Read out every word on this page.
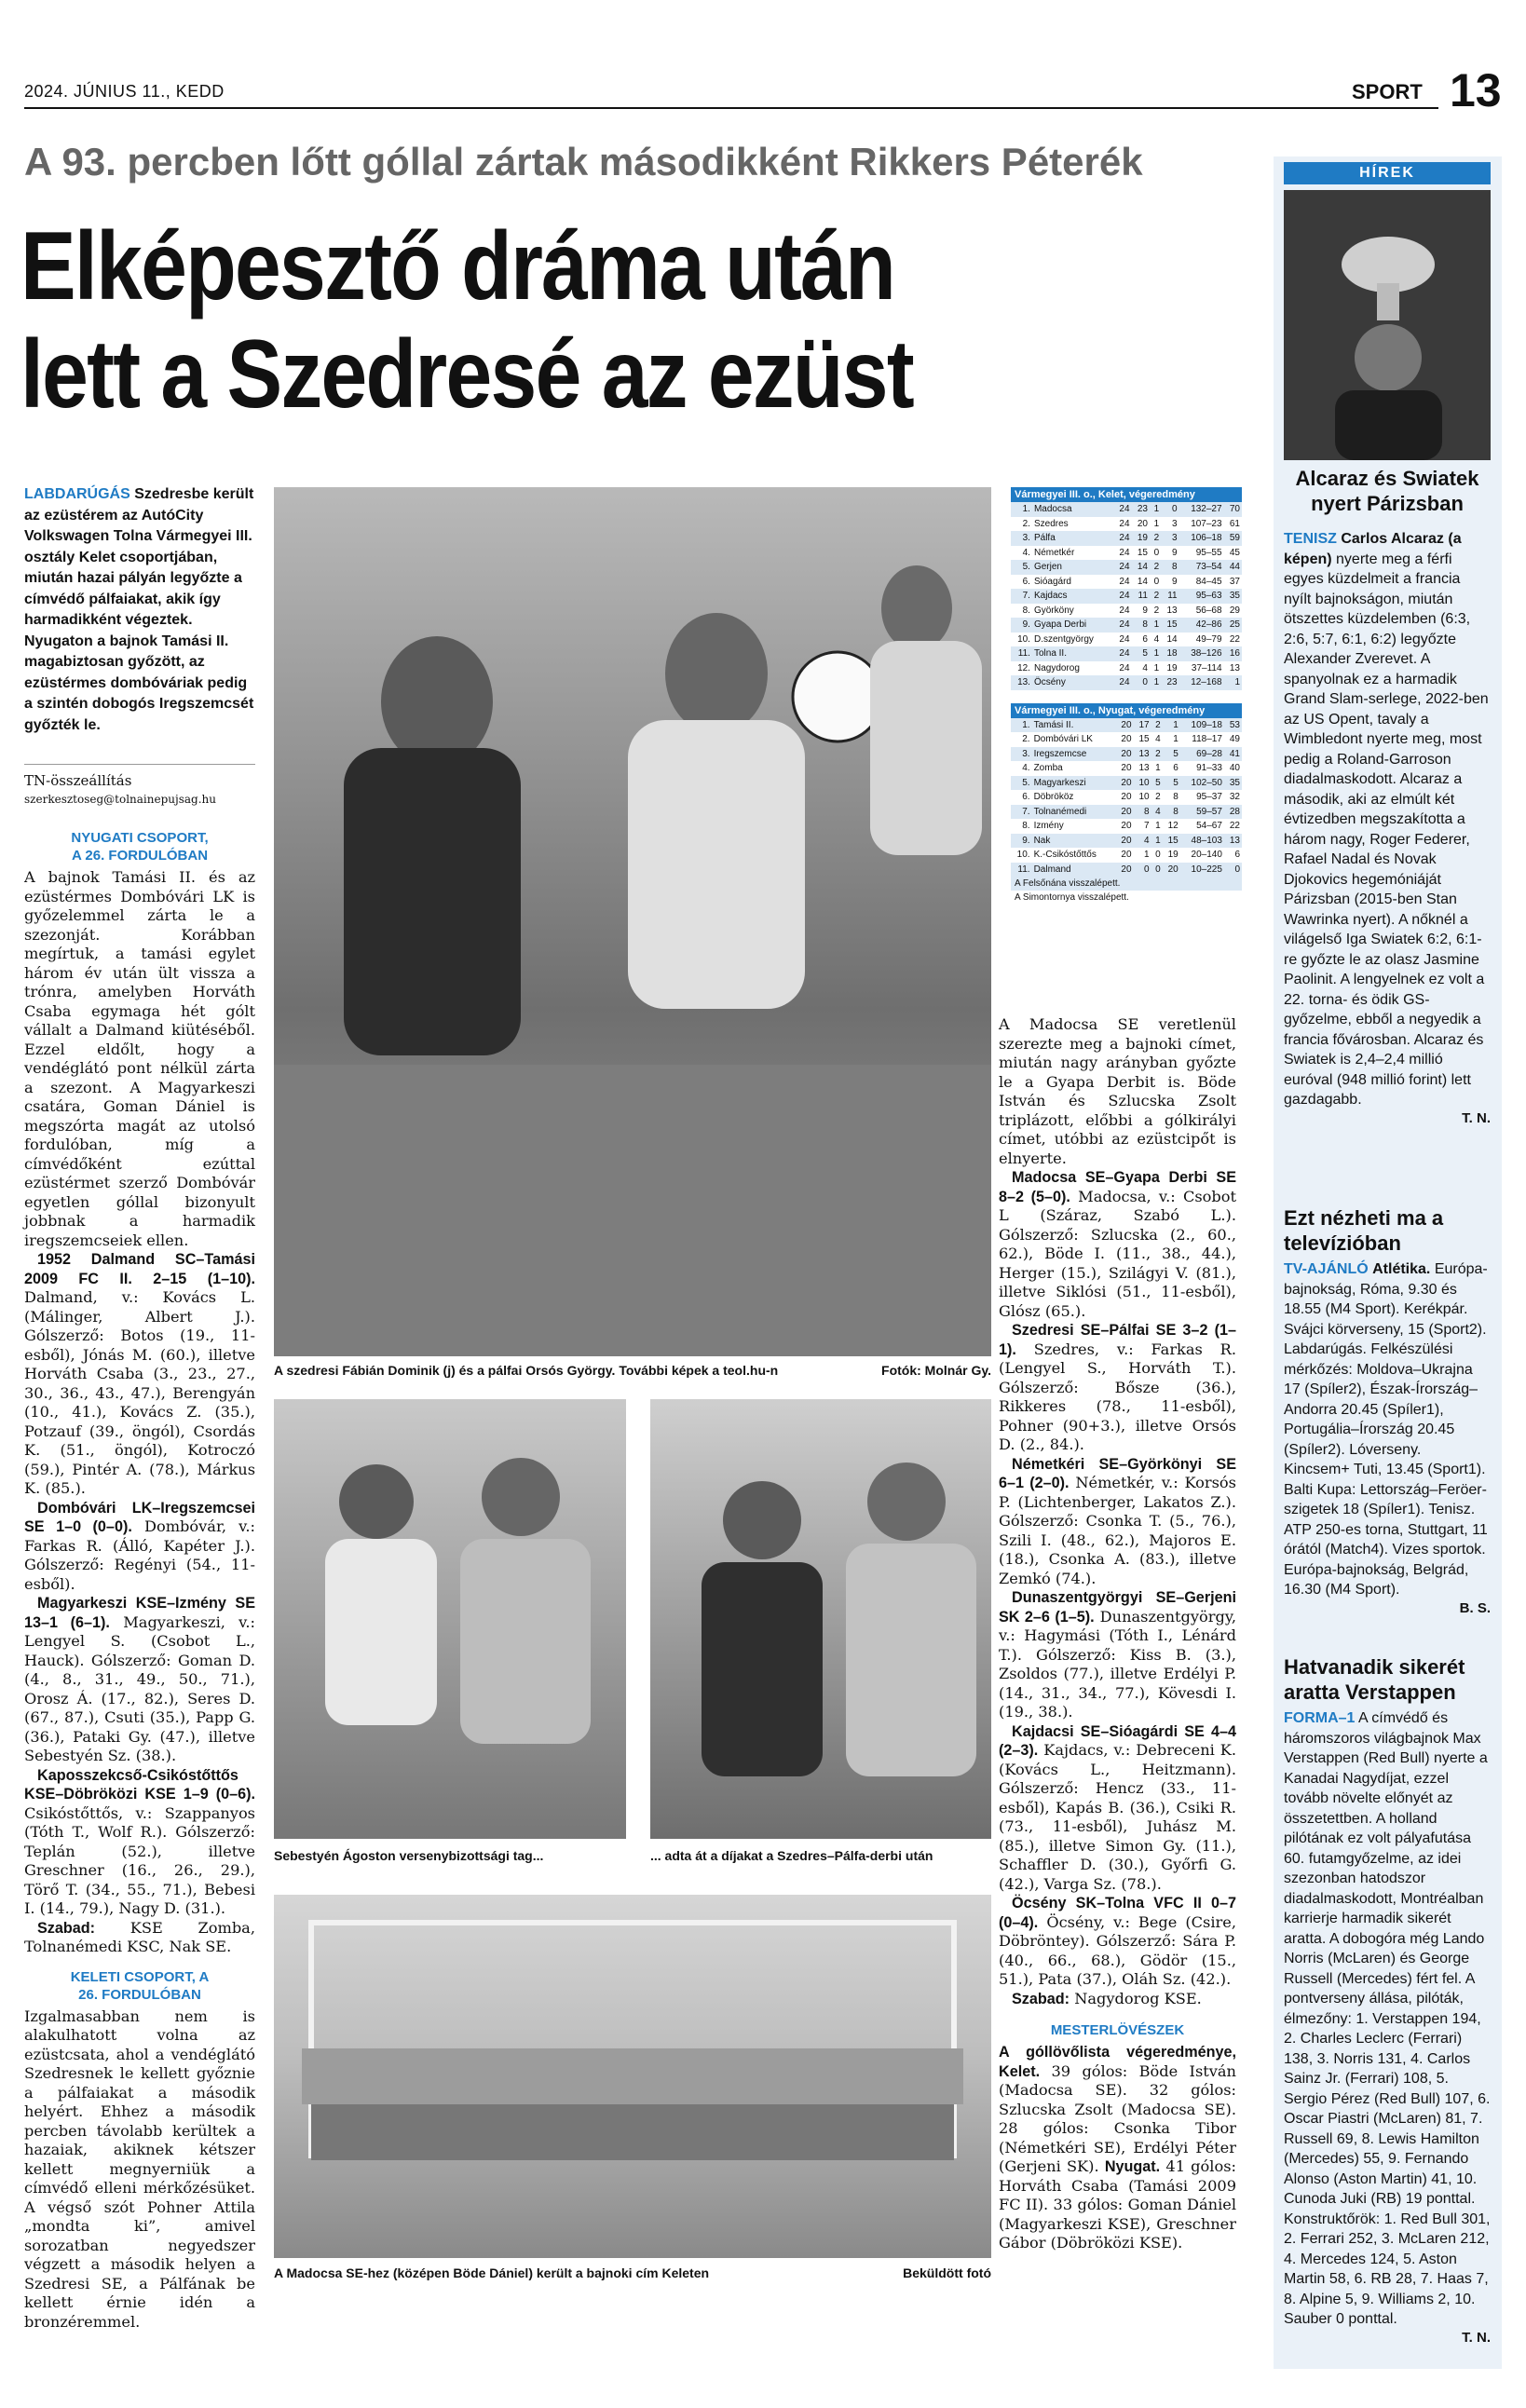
2024. JÚNIUS 11., KEDD	SPORT 13
A 93. percben lőtt góllal zártak másodikként Rikkers Péterék
Elképesztő dráma után
lett a Szedresé az ezüst
LABDARÚGÁS Szedresbe került az ezüstérem az AutóCity Volkswagen Tolna Vármegyei III. osztály Kelet csoportjában, miután hazai pályán legyőzte a címvédő pálfaiakat, akik így harmadikként végeztek. Nyugaton a bajnok Tamási II. magabiztosan győzött, az ezüstérmes dombóváriak pedig a szintén dobogós Iregszemcsét győzték le.
TN-összeállítás
szerkesztoseg@tolnainepujsag.hu
NYUGATI CSOPORT, A 26. FORDULÓBAN

A bajnok Tamási II. és az ezüstérmes Dombóvári LK is győzelemmel zárta le a szezonját. Korábban megírtuk, a tamási egylet három év után ült vissza a trónra, amelyben Horváth Csaba egymaga hét gólt vállalt a Dalmand kiütéséből. Ezzel eldőlt, hogy a vendéglátó pont nélkül zárta a szezont. A Magyarkeszi csatára, Goman Dániel is megszórta magát az utolsó fordulóban, míg a címvédőként ezúttal ezüstérmet szerző Dombóvár egyetlen góllal bizonyult jobbnak a harmadik iregszemcseiek ellen.

1952 Dalmand SC–Tamási 2009 FC II. 2–15 (1–10). Dalmand, v.: Kovács L. (Málinger, Albert J.). Gólszerző: Botos (19., 11-esből), Jónás M. (60.), illetve Horváth Csaba (3., 23., 27., 30., 36., 43., 47.), Berengyán (10., 41.), Kovács Z. (35.), Potzauf (39., öngól), Csordás K. (51., öngól), Kotroczó (59.), Pintér A. (78.), Márkus K. (85.).

Dombóvári LK–Iregszemcsei SE 1–0 (0–0). Dombóvár, v.: Farkas R. (Álló, Kapéter J.). Gólszerző: Regényi (54., 11-esből).

Magyarkeszi KSE–Izmény SE 13–1 (6–1). Magyarkeszi, v.: Lengyel S. (Csobot L., Hauck). Gólszerző: Goman D. (4., 8., 31., 49., 50., 71.), Orosz Á. (17., 82.), Seres D. (67., 87.), Csuti (35.), Papp G. (36.), Pataki Gy. (47.), illetve Sebestyén Sz. (38.).

Kaposszekcső-Csikóstőttős KSE–Döbröközi KSE 1–9 (0–6). Csikóstőttős, v.: Szappanyos (Tóth T., Wolf R.). Gólszerző: Teplán (52.), illetve Greschner (16., 26., 29.), Törő T. (34., 55., 71.), Bebesi I. (14., 79.), Nagy D. (31.).

Szabad: KSE Zomba, Tolnanémedi KSC, Nak SE.

KELETI CSOPORT, A 26. FORDULÓBAN

Izgalmasabban nem is alakulhatott volna az ezüstcsata, ahol a vendéglátó Szedresnek le kellett győznie a pálfaiakat a második helyért. Ehhez a második percben távolabb kerültek a hazaiak, akiknek kétszer kellett megnyerniük a címvédő elleni mérkőzésüket. A végső szót Pohner Attila „mondta ki”, amivel sorozatban negyedszer végzett a második helyen a Szedresi SE, a Pálfának be kellett érnie idén a bronzéremmel.

A szedresi Fábián Dominik (j) és a pálfai Orsós György. További képek a teol.hu-n	Fotók: Molnár Gy.
Sebestyén Ágoston versenybizottsági tag...	... adta át a díjakat a Szedres–Pálfa-derbi után
A Madocsa SE-hez (középen Böde Dániel) került a bajnoki cím Keleten	Beküldött fotó
Vármegyei III. o., Kelet, végeredmény
1.	Madocsa	24	23	1	0	132–27	70
2.	Szedres	24	20	1	3	107–23	61
3.	Pálfa	24	19	2	3	106–18	59
4.	Németkér	24	15	0	9	95–55	45
5.	Gerjen	24	14	2	8	73–54	44
6.	Sióagárd	24	14	0	9	84–45	37
7.	Kajdacs	24	11	2	11	95–63	35
8.	Györköny	24	9	2	13	56–68	29
9.	Gyapa Derbi	24	8	1	15	42–86	25
10.	D.szentgyörgy	24	6	4	14	49–79	22
11.	Tolna II.	24	5	1	18	38–126	16
12.	Nagydorog	24	4	1	19	37–114	13
13.	Öcsény	24	0	1	23	12–168	1
Vármegyei III. o., Nyugat, végeredmény
1.	Tamási II.	20	17	2	1	109–18	53
2.	Dombóvári LK	20	15	4	1	118–17	49
3.	Iregszemcse	20	13	2	5	69–28	41
4.	Zomba	20	13	1	6	91–33	40
5.	Magyarkeszi	20	10	5	5	102–50	35
6.	Döbrököz	20	10	2	8	95–37	32
7.	Tolnanémedi	20	8	4	8	59–57	28
8.	Izmény	20	7	1	12	54–67	22
9.	Nak	20	4	1	15	48–103	13
10.	K.-Csikóstőttős	20	1	0	19	20–140	6
11.	Dalmand	20	0	0	20	10–225	0
A Felsőnána visszalépett.
A Simontornya visszalépett.

A Madocsa SE veretlenül szerezte meg a bajnoki címet, miután nagy arányban győzte le a Gyapa Derbit is. Böde István és Szlucska Zsolt triplázott, előbbi a gólkirályi címet, utóbbi az ezüstcipőt is elnyerte.

Madocsa SE–Gyapa Derbi SE 8–2 (5–0). Madocsa, v.: Csobot L (Száraz, Szabó L.). Gólszerző: Szlucska (2., 60., 62.), Böde I. (11., 38., 44.), Herger (15.), Szilágyi V. (81.), illetve Siklósi (51., 11-esből), Glósz (65.).

Szedresi SE–Pálfai SE 3–2 (1–1). Szedres, v.: Farkas R. (Lengyel S., Horváth T.). Gólszerző: Bősze (36.), Rikkeres (78., 11-esből), Pohner (90+3.), illetve Orsós D. (2., 84.).

Németkéri SE–Györkönyi SE 6–1 (2–0). Németkér, v.: Korsós P. (Lichtenberger, Lakatos Z.). Gólszerző: Csonka T. (5., 76.), Szili I. (48., 62.), Majoros E. (18.), Csonka A. (83.), illetve Zemkó (74.).

Dunaszentgyörgyi SE–Gerjeni SK 2–6 (1–5). Dunaszentgyörgy, v.: Hagymási (Tóth I., Lénárd T.). Gólszerző: Kiss B. (3.), Zsoldos (77.), illetve Erdélyi P. (14., 31., 34., 77.), Kövesdi I. (19., 38.).

Kajdacsi SE–Sióagárdi SE 4–4 (2–3). Kajdacs, v.: Debreceni K. (Kovács L., Heitzmann). Gólszerző: Hencz (33., 11-esből), Kapás B. (36.), Csiki R. (73., 11-esből), Juhász M. (85.), illetve Simon Gy. (11.), Schaffler D. (30.), Győrfi G. (42.), Varga Sz. (78.).

Öcsény SK–Tolna VFC II 0–7 (0–4). Öcsény, v.: Bege (Csire, Döbröntey). Gólszerző: Sára P. (40., 66., 68.), Gödör (15., 51.), Pata (37.), Oláh Sz. (42.).

Szabad: Nagydorog KSE.

MESTERLÖVÉSZEK

A góllövőlista végeredménye, Kelet. 39 gólos: Böde István (Madocsa SE). 32 gólos: Szlucska Zsolt (Madocsa SE). 28 gólos: Csonka Tibor (Németkéri SE), Erdélyi Péter (Gerjeni SK). Nyugat. 41 gólos: Horváth Csaba (Tamási 2009 FC II). 33 gólos: Goman Dániel (Magyarkeszi KSE), Greschner Gábor (Döbröközi KSE).

HÍREK
Alcaraz és Swiatek nyert Párizsban
TENISZ Carlos Alcaraz (a képen) nyerte meg a férfi egyes küzdelmeit a francia nyílt bajnokságon, miután ötszettes küzdelemben (6:3, 2:6, 5:7, 6:1, 6:2) legyőzte Alexander Zverevet. A spanyolnak ez a harmadik Grand Slam-serlege, 2022-ben az US Opent, tavaly a Wimbledont nyerte meg, most pedig a Roland-Garroson diadalmaskodott. Alcaraz a második, aki az elmúlt két évtizedben megszakította a három nagy, Roger Federer, Rafael Nadal és Novak Djokovics hegemóniáját Párizsban (2015-ben Stan Wawrinka nyert). A nőknél a világelső Iga Swiatek 6:2, 6:1-re győzte le az olasz Jasmine Paolinit. A lengyelnek ez volt a 22. torna- és ödik GS-győzelme, ebből a negyedik a francia fővárosban. Alcaraz és Swiatek is 2,4–2,4 millió euróval (948 millió forint) lett gazdagabb.
T. N.
Ezt nézheti ma a televízióban
TV-AJÁNLÓ Atlétika. Európa-bajnokság, Róma, 9.30 és 18.55 (M4 Sport). Kerékpár. Svájci körverseny, 15 (Sport2). Labdarúgás. Felkészülési mérkőzés: Moldova–Ukrajna 17 (Spíler2), Észak-Írország–Andorra 20.45 (Spíler1), Portugália–Írország 20.45 (Spíler2). Lóverseny. Kincsem+ Tuti, 13.45 (Sport1). Balti Kupa: Lettország–Feröer-szigetek 18 (Spíler1). Tenisz. ATP 250-es torna, Stuttgart, 11 órától (Match4). Vizes sportok. Európa-bajnokság, Belgrád, 16.30 (M4 Sport).
B. S.
Hatvanadik sikerét aratta Verstappen
FORMA–1 A címvédő és háromszoros világbajnok Max Verstappen (Red Bull) nyerte a Kanadai Nagydíjat, ezzel tovább növelte előnyét az összetettben. A holland pilótának ez volt pályafutása 60. futamgyőzelme, az idei szezonban hatodszor diadalmaskodott, Montréalban karrierje harmadik sikerét aratta. A dobogóra még Lando Norris (McLaren) és George Russell (Mercedes) fért fel. A pontverseny állása, pilóták, élmezőny: 1. Verstappen 194, 2. Charles Leclerc (Ferrari) 138, 3. Norris 131, 4. Carlos Sainz Jr. (Ferrari) 108, 5. Sergio Pérez (Red Bull) 107, 6. Oscar Piastri (McLaren) 81, 7. Russell 69, 8. Lewis Hamilton (Mercedes) 55, 9. Fernando Alonso (Aston Martin) 41, 10. Cunoda Juki (RB) 19 ponttal. Konstruktőrök: 1. Red Bull 301, 2. Ferrari 252, 3. McLaren 212, 4. Mercedes 124, 5. Aston Martin 58, 6. RB 28, 7. Haas 7, 8. Alpine 5, 9. Williams 2, 10. Sauber 0 ponttal.
T. N.
